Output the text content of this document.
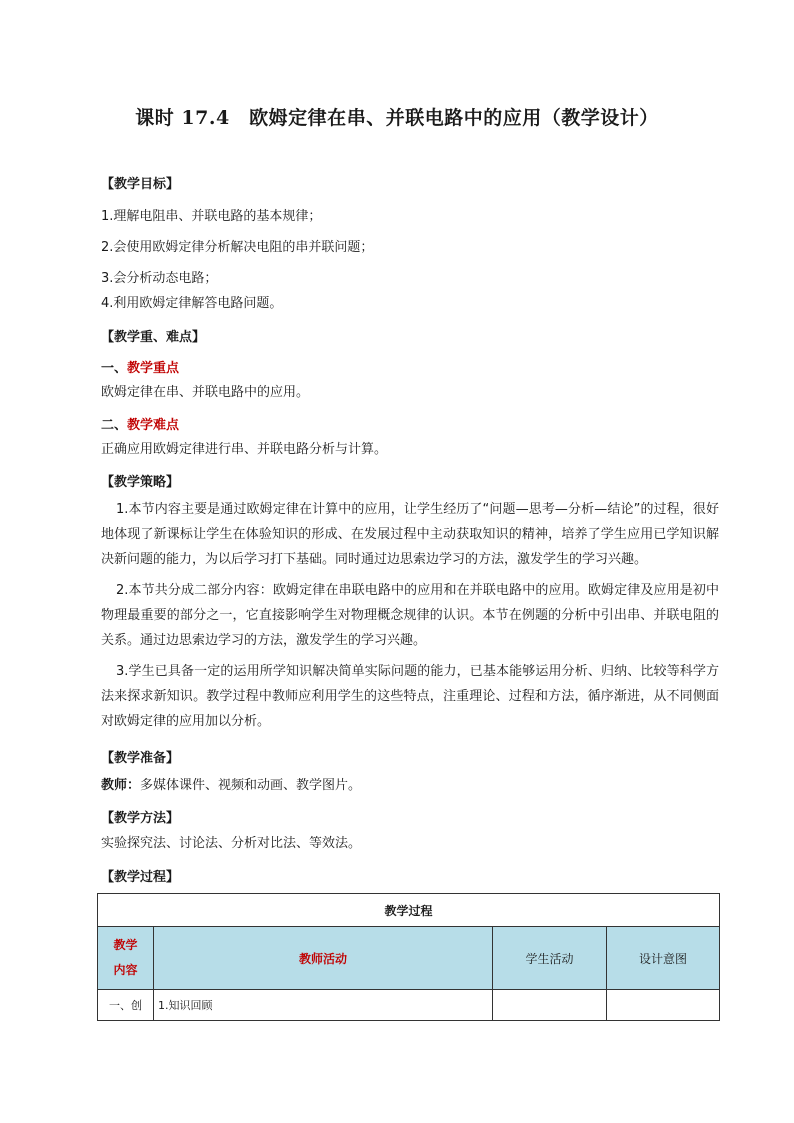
课时 17.4　欧姆定律在串、并联电路中的应用（教学设计）
【教学目标】
1.理解电阻串、并联电路的基本规律；
2.会使用欧姆定律分析解决电阻的串并联问题；
3.会分析动态电路；
4.利用欧姆定律解答电路问题。
【教学重、难点】
一、教学重点
欧姆定律在串、并联电路中的应用。
二、教学难点
正确应用欧姆定律进行串、并联电路分析与计算。
【教学策略】
1.本节内容主要是通过欧姆定律在计算中的应用，让学生经历了“问题—思考—分析—结论”的过程，很好地体现了新课标让学生在体验知识的形成、在发展过程中主动获取知识的精神，培养了学生应用已学知识解决新问题的能力，为以后学习打下基础。同时通过边思索边学习的方法，激发学生的学习兴趣。
2.本节共分成二部分内容：欧姆定律在串联电路中的应用和在并联电路中的应用。欧姆定律及应用是初中物理最重要的部分之一，它直接影响学生对物理概念规律的认识。本节在例题的分析中引出串、并联电阻的关系。通过边思索边学习的方法，激发学生的学习兴趣。
3.学生已具备一定的运用所学知识解决简单实际问题的能力，已基本能够运用分析、归纳、比较等科学方法来探求新知识。教学过程中教师应利用学生的这些特点，注重理论、过程和方法，循序渐进，从不同侧面对欧姆定律的应用加以分析。
【教学准备】
教师：多媒体课件、视频和动画、教学图片。
【教学方法】
实验探究法、讨论法、分析对比法、等效法。
【教学过程】
教学过程			

教学
内容	教师活动	学生活动	设计意图
一、创	1.知识回顾		
